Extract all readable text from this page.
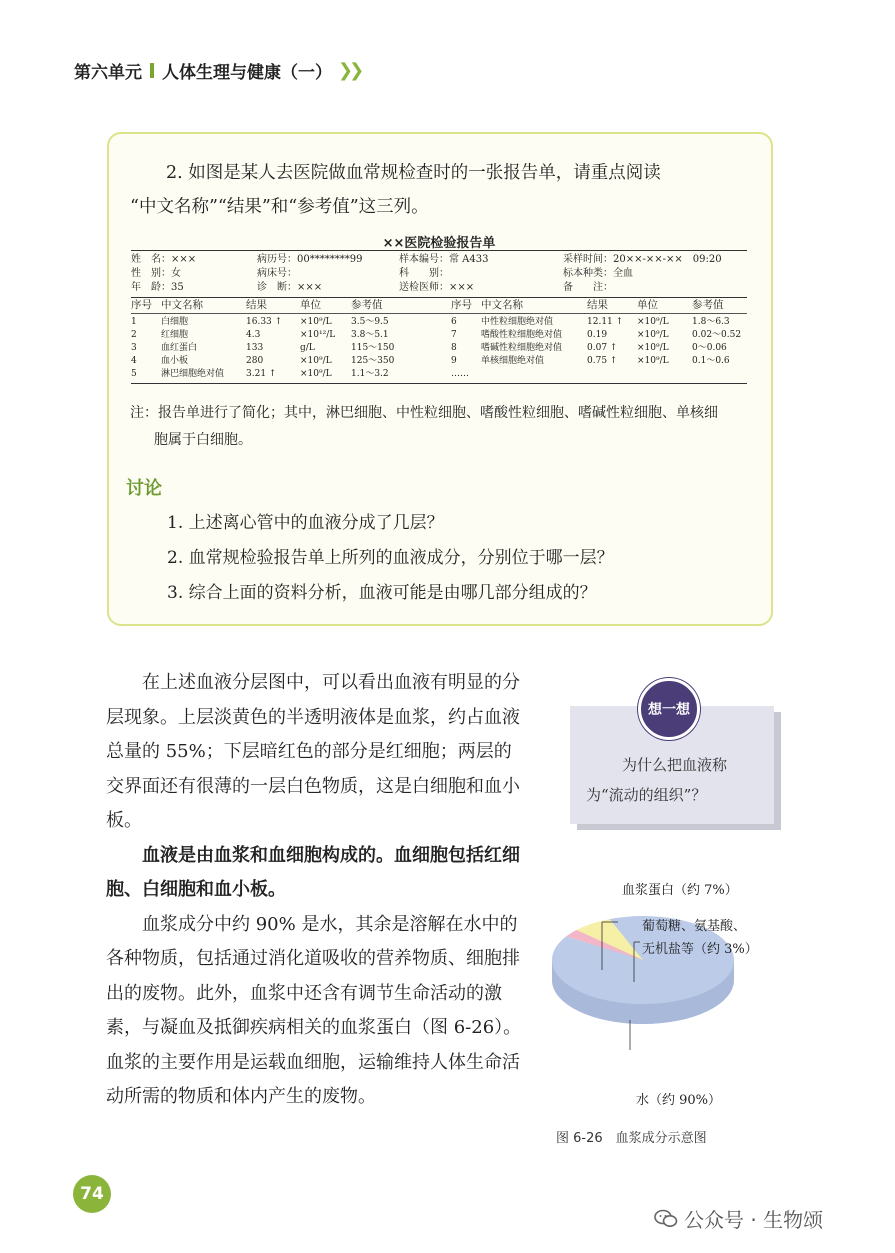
第六单元 人体生理与健康（一） ❯❯
2. 如图是某人去医院做血常规检查时的一张报告单，请重点阅读
“中文名称”“结果”和“参考值”这三列。
××医院检验报告单
姓　名：×××	病历号：00********99	样本编号：常 A433	采样时间：20××-××-××　09:20
性　别：女	病床号：	科　　别：	标本种类：全血
年　龄：35	诊　断：×××	送检医师：×××	备　　注：
序号 中文名称	结果	单位	参考值	序号 中文名称	结果	单位	参考值
1	白细胞	16.33 ↑	×10⁹/L	3.5～9.5	6	中性粒细胞绝对值	12.11 ↑	×10⁹/L	1.8～6.3
2	红细胞	4.3	×10¹²/L	3.8～5.1	7	嗜酸性粒细胞绝对值	0.19	×10⁹/L	0.02～0.52
3	血红蛋白	133	g/L	115～150	8	嗜碱性粒细胞绝对值	0.07 ↑	×10⁹/L	0～0.06
4	血小板	280	×10⁹/L	125～350	9	单核细胞绝对值	0.75 ↑	×10⁹/L	0.1～0.6
5	淋巴细胞绝对值	3.21 ↑	×10⁹/L	1.1～3.2	……
注：报告单进行了简化；其中，淋巴细胞、中性粒细胞、嗜酸性粒细胞、嗜碱性粒细胞、单核细
胞属于白细胞。
讨论
1. 上述离心管中的血液分成了几层？
2. 血常规检验报告单上所列的血液成分，分别位于哪一层？
3. 综合上面的资料分析，血液可能是由哪几部分组成的？

在上述血液分层图中，可以看出血液有明显的分层现象。上层淡黄色的半透明液体是血浆，约占血液总量的 55%；下层暗红色的部分是红细胞；两层的交界面还有很薄的一层白色物质，这是白细胞和血小板。

血液是由血浆和血细胞构成的。血细胞包括红细胞、白细胞和血小板。

血浆成分中约 90% 是水，其余是溶解在水中的各种物质，包括通过消化道吸收的营养物质、细胞排出的废物。此外，血浆中还含有调节生命活动的激素，与凝血及抵御疾病相关的血浆蛋白（图 6-26）。血浆的主要作用是运载血细胞，运输维持人体生命活动所需的物质和体内产生的废物。

想一想
为什么把血液称
为“流动的组织”？
血浆蛋白（约 7%）
葡萄糖、氨基酸、
无机盐等（约 3%）
水（约 90%）
图 6-26　血浆成分示意图
74
公众号 · 生物颂
